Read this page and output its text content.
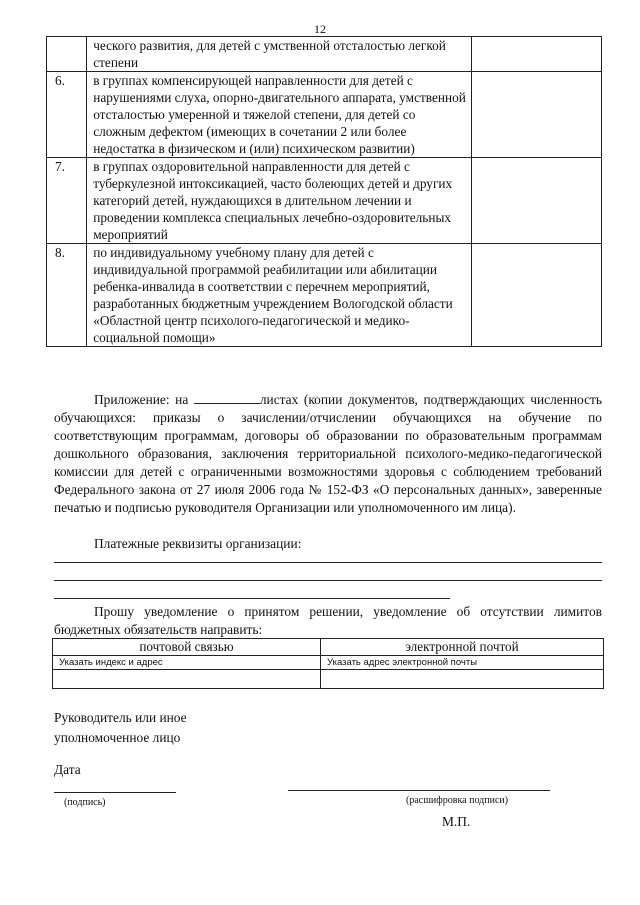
12
	ческого развития, для детей с умственной отсталостью легкой степени	
6.	в группах компенсирующей направленности для детей с нарушениями слуха, опорно-двигательного аппарата, умственной отсталостью умеренной и тяжелой степени, для детей со сложным дефектом (имеющих в сочетании 2 или более недостатка в физическом и (или) психическом развитии)	
7.	в группах оздоровительной направленности для детей с туберкулезной интоксикацией, часто болеющих детей и других категорий детей, нуждающихся в длительном лечении и проведении комплекса специальных лечебно-оздоровительных мероприятий	
8.	по индивидуальному учебному плану для детей с индивидуальной программой реабилитации или абилитации ребенка-инвалида в соответствии с перечнем мероприятий, разработанных бюджетным учреждением Вологодской области «Областной центр психолого-педагогической и медико-социальной помощи»	
Приложение: на	листах (копии документов, подтверждающих численность обучающихся: приказы о зачислении/отчислении обучающихся на обучение по соответствующим программам, договоры об образовании по образовательным программам дошкольного образования, заключения территориальной психолого-медико-педагогической комиссии для детей с ограниченными возможностями здоровья с соблюдением требований Федерального закона от 27 июля 2006 года № 152-ФЗ «О персональных данных», заверенные печатью и подписью руководителя Организации или уполномоченного им лица).
Платежные реквизиты организации:
Прошу уведомление о принятом решении, уведомление об отсутствии лимитов бюджетных обязательств направить:
почтовой связью	электронной почтой
Указать индекс и адрес	Указать адрес электронной почты

Руководитель или иное
уполномоченное лицо
Дата
(подпись)	(расшифровка подписи)
М.П.
